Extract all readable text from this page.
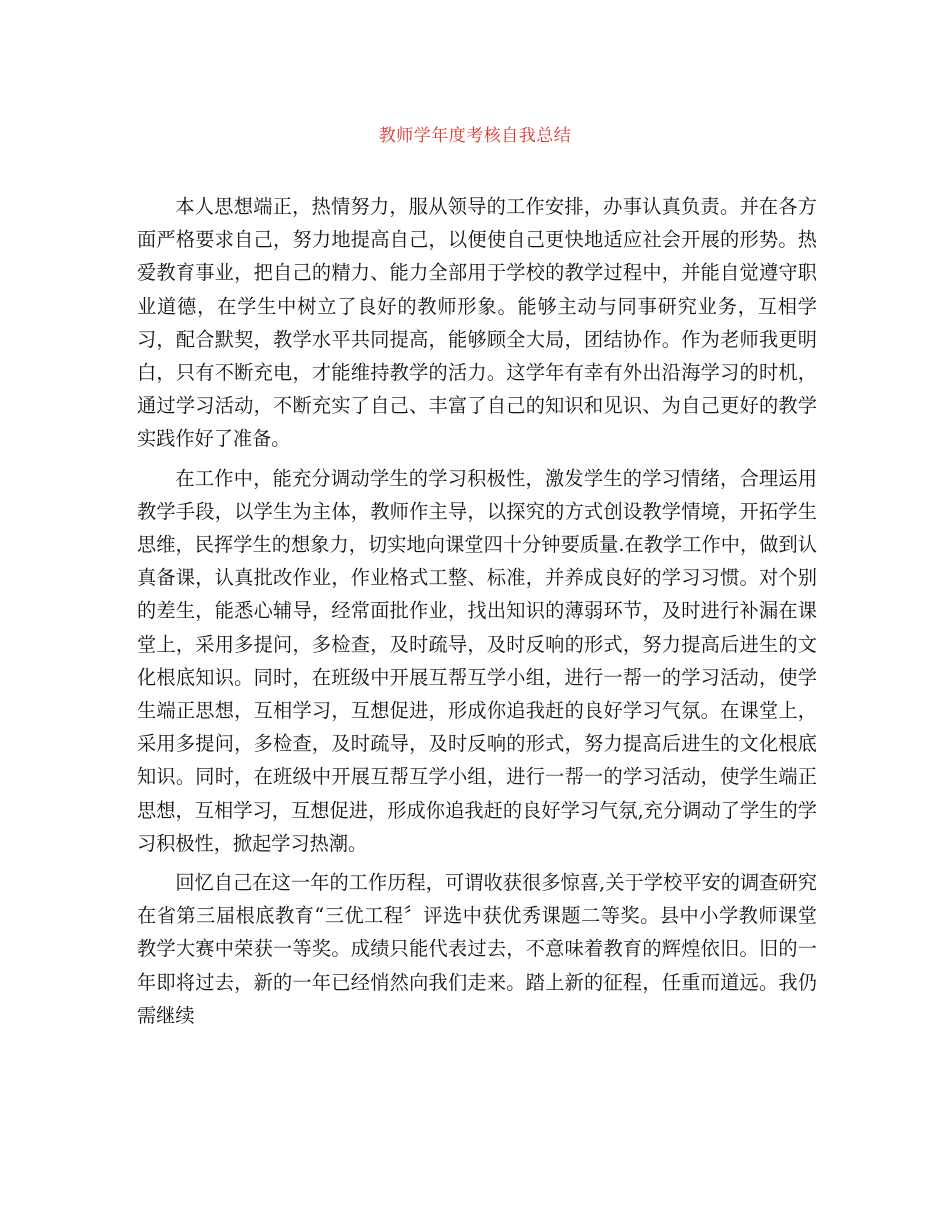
教师学年度考核自我总结

本人思想端正，热情努力，服从领导的工作安排，办事认真负责。并在各方面严格要求自己，努力地提高自己，以便使自己更快地适应社会开展的形势。热爱教育事业，把自己的精力、能力全部用于学校的教学过程中，并能自觉遵守职业道德，在学生中树立了良好的教师形象。能够主动与同事研究业务，互相学习，配合默契，教学水平共同提高，能够顾全大局，团结协作。作为老师我更明白，只有不断充电，才能维持教学的活力。这学年有幸有外出沿海学习的时机，通过学习活动，不断充实了自己、丰富了自己的知识和见识、为自己更好的教学实践作好了准备。

在工作中，能充分调动学生的学习积极性，激发学生的学习情绪，合理运用教学手段，以学生为主体，教师作主导，以探究的方式创设教学情境，开拓学生思维，民挥学生的想象力，切实地向课堂四十分钟要质量.在教学工作中，做到认真备课，认真批改作业，作业格式工整、标准，并养成良好的学习习惯。对个别的差生，能悉心辅导，经常面批作业，找出知识的薄弱环节，及时进行补漏在课堂上，采用多提问，多检查，及时疏导，及时反响的形式，努力提高后进生的文化根底知识。同时，在班级中开展互帮互学小组，进行一帮一的学习活动，使学生端正思想，互相学习，互想促进，形成你追我赶的良好学习气氛。在课堂上，采用多提问，多检查，及时疏导，及时反响的形式，努力提高后进生的文化根底知识。同时，在班级中开展互帮互学小组，进行一帮一的学习活动，使学生端正思想，互相学习，互想促进，形成你追我赶的良好学习气氛,充分调动了学生的学习积极性，掀起学习热潮。

回忆自己在这一年的工作历程，可谓收获很多惊喜,关于学校平安的调查研究在省第三届根底教育“三优工程〞评选中获优秀课题二等奖。县中小学教师课堂教学大赛中荣获一等奖。成绩只能代表过去，不意味着教育的辉煌依旧。旧的一年即将过去，新的一年已经悄然向我们走来。踏上新的征程，任重而道远。我仍需继续
